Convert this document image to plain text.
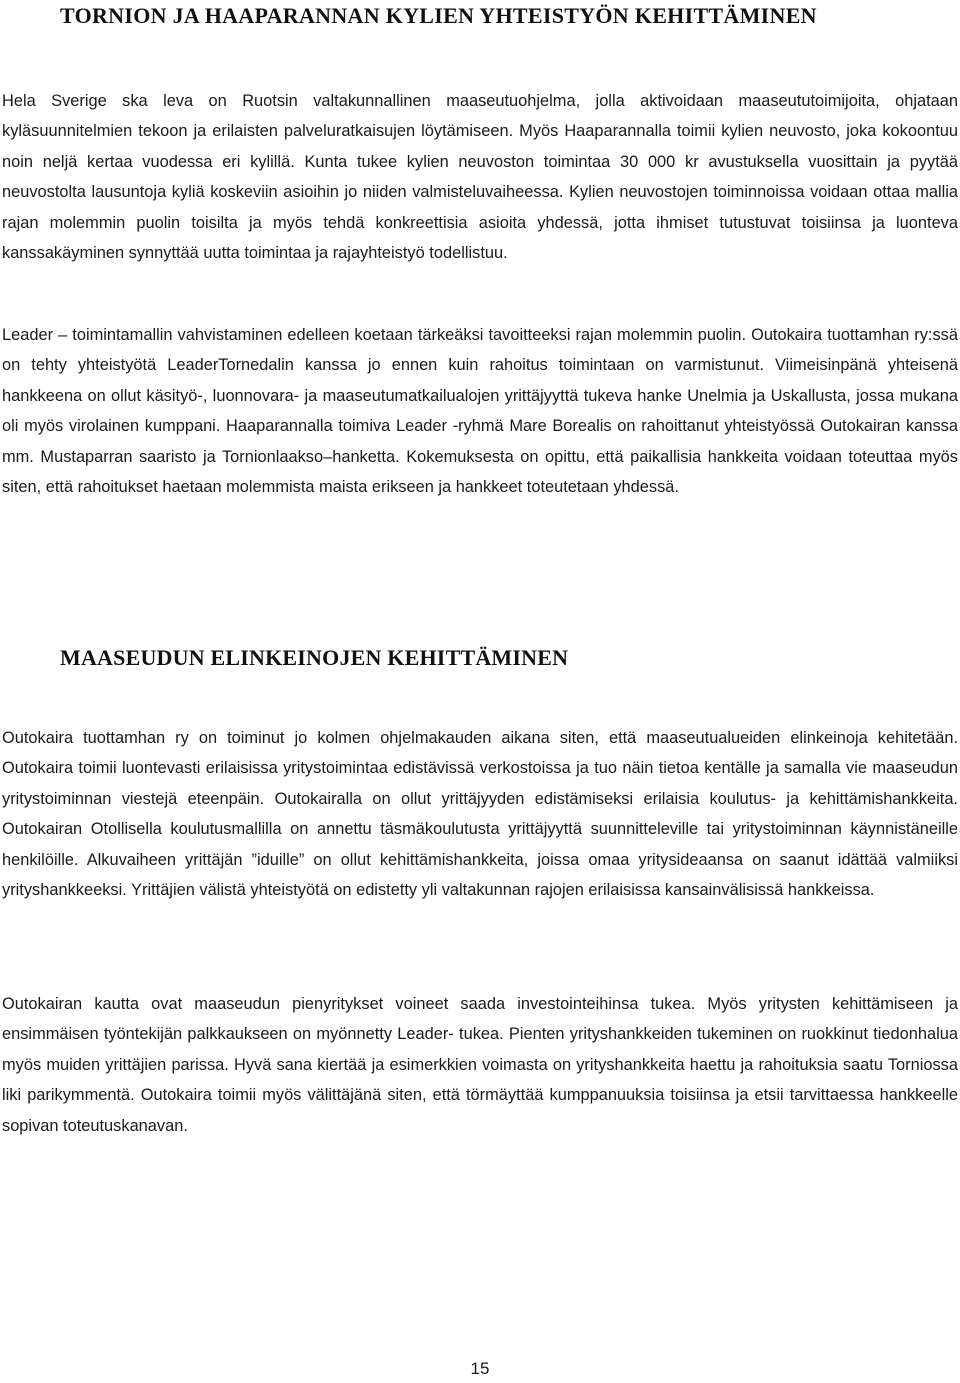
TORNION JA HAAPARANNAN KYLIEN YHTEISTYÖN KEHITTÄMINEN

Hela Sverige ska leva on Ruotsin valtakunnallinen maaseutuohjelma, jolla aktivoidaan maaseututoimijoita, ohjataan kyläsuunnitelmien tekoon ja erilaisten palveluratkaisujen löytämiseen. Myös Haaparannalla toimii kylien neuvosto, joka kokoontuu noin neljä kertaa vuodessa eri kylillä. Kunta tukee kylien neuvoston toimintaa 30 000 kr avustuksella vuosittain ja pyytää neuvostolta lausuntoja kyliä koskeviin asioihin jo niiden valmisteluvaiheessa. Kylien neuvostojen toiminnoissa voidaan ottaa mallia rajan molemmin puolin toisilta ja myös tehdä konkreettisia asioita yhdessä, jotta ihmiset tutustuvat toisiinsa ja luonteva kanssakäyminen synnyttää uutta toimintaa ja rajayhteistyö todellistuu.

Leader – toimintamallin vahvistaminen edelleen koetaan tärkeäksi tavoitteeksi rajan molemmin puolin. Outokaira tuottamhan ry:ssä on tehty yhteistyötä LeaderTornedalin kanssa jo ennen kuin rahoitus toimintaan on varmistunut. Viimeisinpänä yhteisenä hankkeena on ollut käsityö-, luonnovara- ja maaseutumatkailualojen yrittäjyyttä tukeva hanke Unelmia ja Uskallusta, jossa mukana oli myös virolainen kumppani. Haaparannalla toimiva Leader -ryhmä Mare Borealis on rahoittanut yhteistyössä Outokairan kanssa mm. Mustaparran saaristo ja Tornionlaakso–hanketta. Kokemuksesta on opittu, että paikallisia hankkeita voidaan toteuttaa myös siten, että rahoitukset haetaan molemmista maista erikseen ja hankkeet toteutetaan yhdessä.

MAASEUDUN ELINKEINOJEN KEHITTÄMINEN

Outokaira tuottamhan ry on toiminut jo kolmen ohjelmakauden aikana siten, että maaseutualueiden elinkeinoja kehitetään. Outokaira toimii luontevasti erilaisissa yritystoimintaa edistävissä verkostoissa ja tuo näin tietoa kentälle ja samalla vie maaseudun yritystoiminnan viestejä eteenpäin. Outokairalla on ollut yrittäjyyden edistämiseksi erilaisia koulutus- ja kehittämishankkeita. Outokairan Otollisella koulutusmallilla on annettu täsmäkoulutusta yrittäjyyttä suunnitteleville tai yritystoiminnan käynnistäneille henkilöille. Alkuvaiheen yrittäjän ”iduille” on ollut kehittämishankkeita, joissa omaa yritysideaansa on saanut idättää valmiiksi yrityshankkeeksi. Yrittäjien välistä yhteistyötä on edistetty yli valtakunnan rajojen erilaisissa kansainvälisissä hankkeissa.

Outokairan kautta ovat maaseudun pienyritykset voineet saada investointeihinsa tukea. Myös yritysten kehittämiseen ja ensimmäisen työntekijän palkkaukseen on myönnetty Leader- tukea. Pienten yrityshankkeiden tukeminen on ruokkinut tiedonhalua myös muiden yrittäjien parissa. Hyvä sana kiertää ja esimerkkien voimasta on yrityshankkeita haettu ja rahoituksia saatu Torniossa liki parikymmentä. Outokaira toimii myös välittäjänä siten, että törmäyttää kumppanuuksia toisiinsa ja etsii tarvittaessa hankkeelle sopivan toteutuskanavan.

15
